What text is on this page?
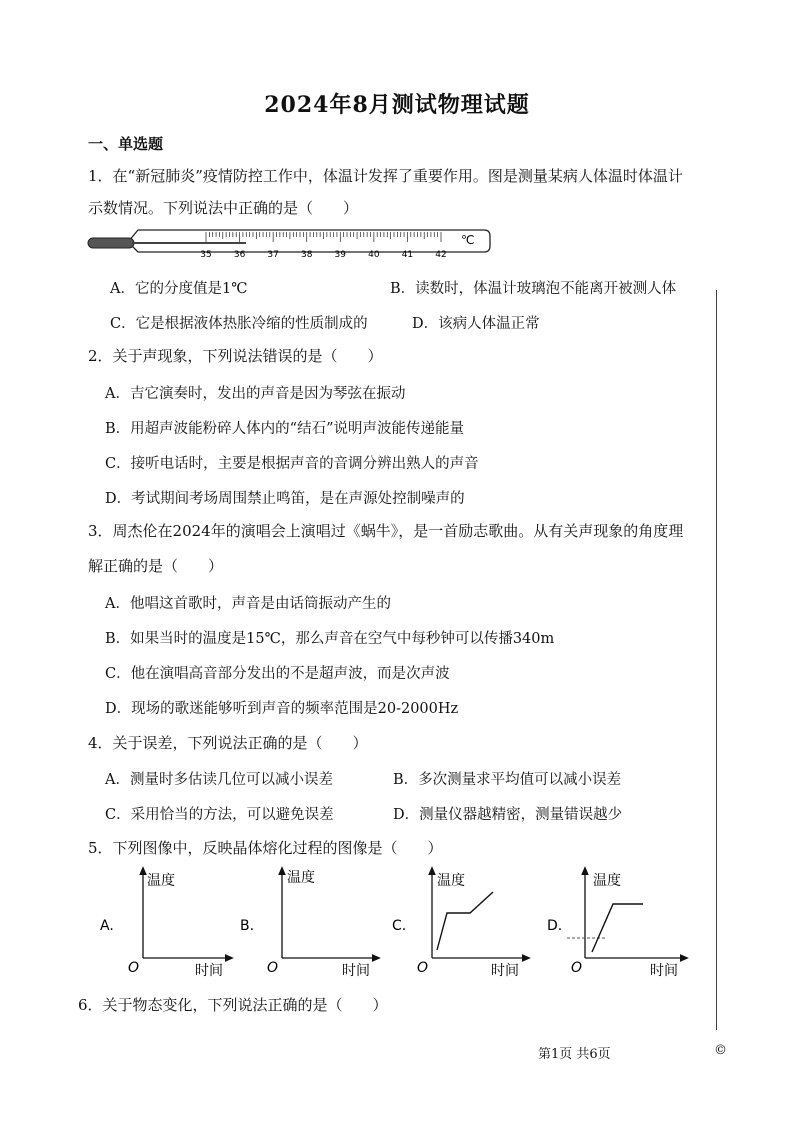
2024年8月测试物理试题
一、单选题
1．在“新冠肺炎”疫情防控工作中，体温计发挥了重要作用。图是测量某病人体温时体温计
示数情况。下列说法中正确的是（　　）
35 36 37 38 39 40 41 42
℃
A．它的分度值是1℃	B．读数时，体温计玻璃泡不能离开被测人体
C．它是根据液体热胀冷缩的性质制成的	D．该病人体温正常
2．关于声现象，下列说法错误的是（　　）
A．吉它演奏时，发出的声音是因为琴弦在振动
B．用超声波能粉碎人体内的“结石”说明声波能传递能量
C．接听电话时，主要是根据声音的音调分辨出熟人的声音
D．考试期间考场周围禁止鸣笛，是在声源处控制噪声的
3．周杰伦在2024年的演唱会上演唱过《蜗牛》，是一首励志歌曲。从有关声现象的角度理
解正确的是（　　）
A．他唱这首歌时，声音是由话筒振动产生的
B．如果当时的温度是15℃，那么声音在空气中每秒钟可以传播340m
C．他在演唱高音部分发出的不是超声波，而是次声波
D．现场的歌迷能够听到声音的频率范围是20-2000Hz
4．关于误差，下列说法正确的是（　　）
A．测量时多估读几位可以减小误差	B．多次测量求平均值可以减小误差
C．采用恰当的方法，可以避免误差	D．测量仪器越精密，测量错误越少
5．下列图像中，反映晶体熔化过程的图像是（　　）
A.
温度
时间
O
B.
温度
时间
O
C.
温度
时间
O
D.
温度
时间
O
6．关于物态变化，下列说法正确的是（　　）
第1页 共6页	©
